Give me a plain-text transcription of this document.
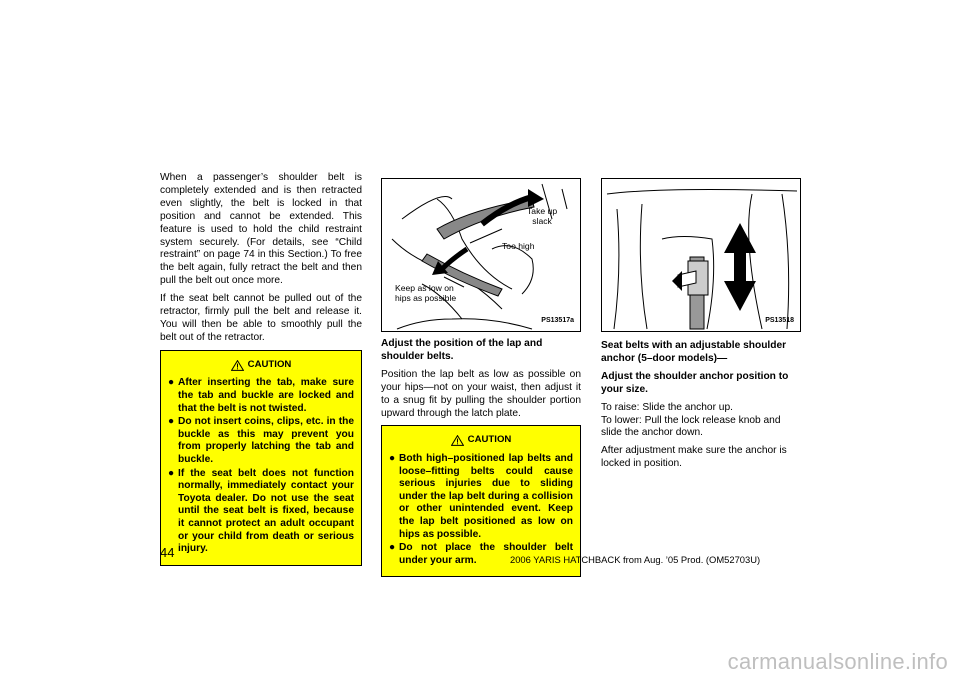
When a passenger’s shoulder belt is completely extended and is then retracted even slightly, the belt is locked in that position and cannot be extended. This feature is used to hold the child restraint system securely. (For details, see “Child restraint” on page 74 in this Section.) To free the belt again, fully retract the belt and then pull the belt out once more.

If the seat belt cannot be pulled out of the retractor, firmly pull the belt and release it. You will then be able to smoothly pull the belt out of the retractor.

CAUTION
● After inserting the tab, make sure the tab and buckle are locked and that the belt is not twisted.
● Do not insert coins, clips, etc. in the buckle as this may prevent you from properly latching the tab and buckle.
● If the seat belt does not function normally, immediately contact your Toyota dealer. Do not use the seat until the seat belt is fixed, because it cannot protect an adult occupant or your child from death or serious injury.
Take up
slack
Too high
Keep as low on
hips as possible
PS13517a
Adjust the position of the lap and shoulder belts.

Position the lap belt as low as possible on your hips—not on your waist, then adjust it to a snug fit by pulling the shoulder portion upward through the latch plate.

CAUTION
● Both high–positioned lap belts and loose–fitting belts could cause serious injuries due to sliding under the lap belt during a collision or other unintended event. Keep the lap belt positioned as low on hips as possible.
● Do not place the shoulder belt under your arm.
PS13518
Seat belts with an adjustable shoulder anchor (5–door models)—
Adjust the shoulder anchor position to your size.
To raise: Slide the anchor up.

To lower: Pull the lock release knob and slide the anchor down.

After adjustment make sure the anchor is locked in position.

44	2006 YARIS HATCHBACK from Aug. ’05 Prod. (OM52703U)
carmanualsonline.info
